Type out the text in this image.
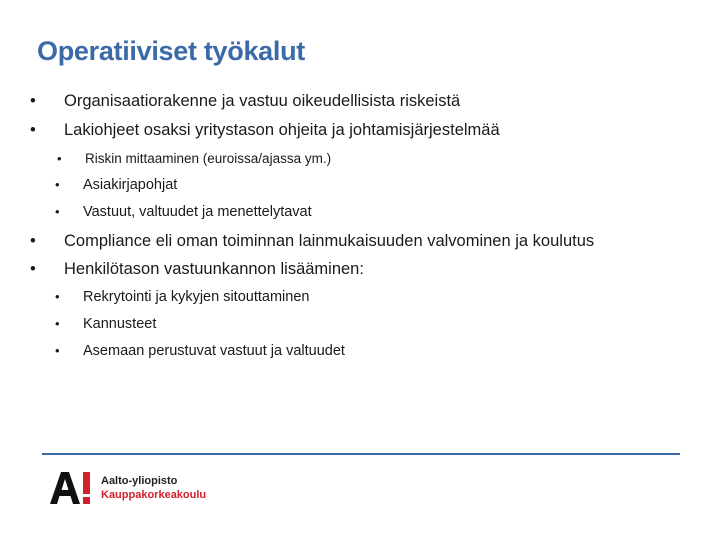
Operatiiviset työkalut
•	Organisaatiorakenne ja vastuu oikeudellisista riskeistä
•	Lakiohjeet osaksi yritystason ohjeita ja johtamisjärjestelmää
•	Riskin mittaaminen (euroissa/ajassa ym.)
•	Asiakirjapohjat
•	Vastuut, valtuudet ja menettelytavat
•	Compliance eli oman toiminnan lainmukaisuuden valvominen ja koulutus
•	Henkilötason vastuunkannon lisääminen:
•	Rekrytointi ja kykyjen sitouttaminen
•	Kannusteet
•	Asemaan perustuvat vastuut ja valtuudet
Aalto-yliopisto
Kauppakorkeakoulu
